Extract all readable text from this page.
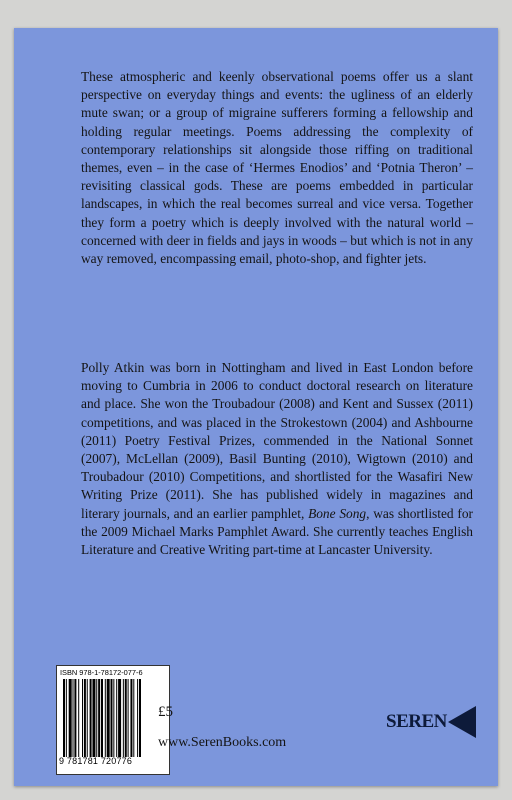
These atmospheric and keenly observational poems offer us a slant perspective on everyday things and events: the ugliness of an elderly mute swan; or a group of migraine sufferers forming a fellowship and holding regular meetings. Poems addressing the complexity of contemporary relationships sit alongside those riffing on traditional themes, even – in the case of ‘Hermes Enodios’ and ‘Potnia Theron’ – revisiting classical gods. These are poems embedded in particular landscapes, in which the real becomes surreal and vice versa. Together they form a poetry which is deeply involved with the natural world – concerned with deer in fields and jays in woods – but which is not in any way removed, encompassing email, photo-shop, and fighter jets.

Polly Atkin was born in Nottingham and lived in East London before moving to Cumbria in 2006 to conduct doctoral research on literature and place. She won the Troubadour (2008) and Kent and Sussex (2011) competitions, and was placed in the Strokestown (2004) and Ashbourne (2011) Poetry Festival Prizes, commended in the National Sonnet (2007), McLellan (2009), Basil Bunting (2010), Wigtown (2010) and Troubadour (2010) Competitions, and shortlisted for the Wasafiri New Writing Prize (2011). She has published widely in magazines and literary journals, and an earlier pamphlet, Bone Song, was shortlisted for the 2009 Michael Marks Pamphlet Award. She currently teaches English Literature and Creative Writing part-time at Lancaster University.

ISBN 978-1-78172-077-6
9 781781 720776
£5
www.SerenBooks.com
SEREN
